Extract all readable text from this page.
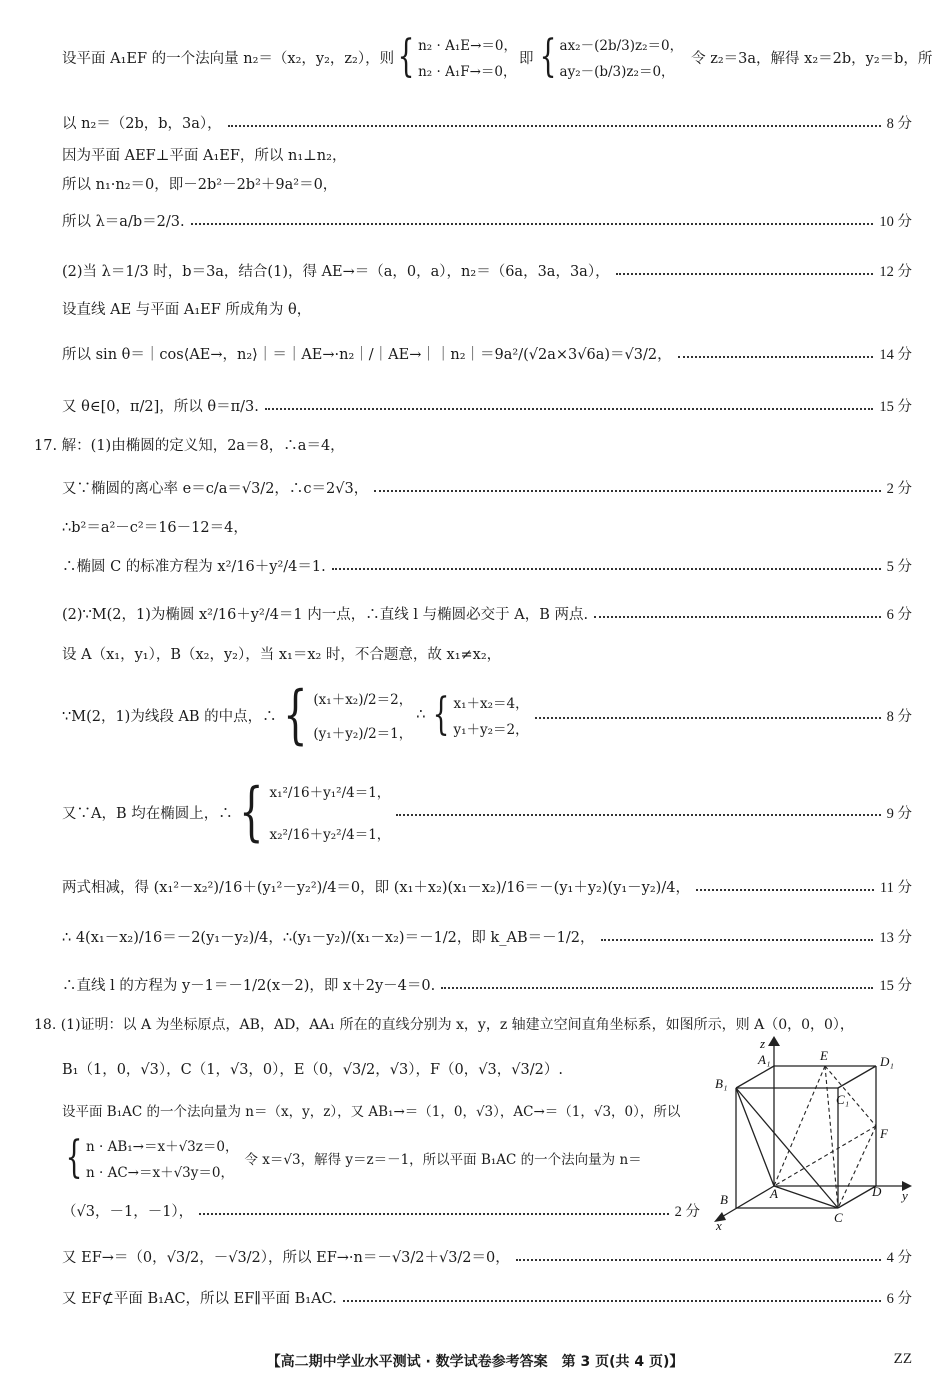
设平面 A₁EF 的一个法向量 n₂＝（x₂，y₂，z₂），则 { n₂ · A₁E→＝0，
n₂ · A₁F→＝0，
即 { ax₂－(2b/3)z₂＝0，
ay₂－(b/3)z₂＝0，
令 z₂＝3a，解得 x₂＝2b，y₂＝b，所
以 n₂＝（2b，b，3a），	8 分
因为平面 AEF⊥平面 A₁EF，所以 n₁⊥n₂，
所以 n₁·n₂＝0，即－2b²－2b²＋9a²＝0，
所以 λ＝a/b＝2/3.	10 分
(2)当 λ＝1/3 时，b＝3a，结合(1)，得 AE→＝（a，0，a），n₂＝（6a，3a，3a），	12 分
设直线 AE 与平面 A₁EF 所成角为 θ，
所以 sin θ＝｜cos⟨AE→，n₂⟩｜＝｜AE→·n₂｜/｜AE→｜｜n₂｜＝9a²/(√2a×3√6a)＝√3/2，	14 分
又 θ∈[0，π/2]，所以 θ＝π/3.	15 分
17. 解：(1)由椭圆的定义知，2a＝8，∴a＝4，
又∵椭圆的离心率 e＝c/a＝√3/2，∴c＝2√3，	2 分
∴b²＝a²－c²＝16－12＝4，
∴椭圆 C 的标准方程为 x²/16＋y²/4＝1.	5 分
(2)∵M(2，1)为椭圆 x²/16＋y²/4＝1 内一点，∴直线 l 与椭圆必交于 A，B 两点.	6 分
设 A（x₁，y₁），B（x₂，y₂），当 x₁＝x₂ 时，不合题意，故 x₁≠x₂，
∵M(2，1)为线段 AB 的中点，∴ { (x₁＋x₂)/2＝2，
(y₁＋y₂)/2＝1，
∴ { x₁＋x₂＝4，
y₁＋y₂＝2，
8 分
又∵A，B 均在椭圆上，∴ { x₁²/16＋y₁²/4＝1，
x₂²/16＋y₂²/4＝1，
9 分
两式相减，得 (x₁²－x₂²)/16＋(y₁²－y₂²)/4＝0，即 (x₁＋x₂)(x₁－x₂)/16＝－(y₁＋y₂)(y₁－y₂)/4，	11 分
∴ 4(x₁－x₂)/16＝－2(y₁－y₂)/4，∴(y₁－y₂)/(x₁－x₂)＝－1/2，即 k_AB＝－1/2，	13 分
∴直线 l 的方程为 y－1＝－1/2(x－2)，即 x＋2y－4＝0.	15 分
18. (1)证明：以 A 为坐标原点，AB，AD，AA₁ 所在的直线分别为 x，y，z 轴建立空间直角坐标系，如图所示，则 A（0，0，0），
B₁（1，0，√3），C（1，√3，0），E（0，√3/2，√3），F（0，√3，√3/2）.
设平面 B₁AC 的一个法向量为 n＝（x，y，z），又 AB₁→＝（1，0，√3），AC→＝（1，√3，0），所以
{ n · AB₁→＝x＋√3z＝0，
n · AC→＝x＋√3y＝0，
令 x＝√3，解得 y＝z＝－1，所以平面 B₁AC 的一个法向量为 n＝
（√3，－1，－1），	2 分
又 EF→＝（0，√3/2，－√3/2），所以 EF→·n＝－√3/2＋√3/2＝0，	4 分
又 EF⊄平面 B₁AC，所以 EF∥平面 B₁AC.	6 分
z
A₁	E	D₁
B₁
C₁
F
B	A	D y
x
C
【高二期中学业水平测试 · 数学试卷参考答案　第 3 页(共 4 页)】	ZZ
